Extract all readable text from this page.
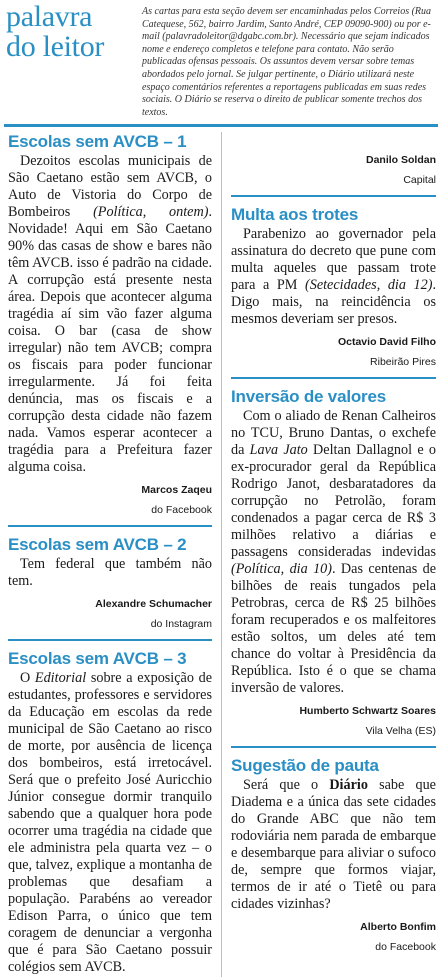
palavra
do leitor
As cartas para esta seção devem ser encaminhadas pelos Correios (Rua Catequese, 562, bairro Jardim, Santo André, CEP 09090-900) ou por e-mail (palavradoleitor@dgabc.com.br). Necessário que sejam indicados nome e endereço completos e telefone para contato. Não serão publicadas ofensas pessoais. Os assuntos devem versar sobre temas abordados pelo jornal. Se julgar pertinente, o Diário utilizará neste espaço comentários referentes a reportagens publicadas em suas redes sociais. O Diário se reserva o direito de publicar somente trechos dos textos.
Escolas sem AVCB – 1

Dezoitos escolas municipais de São Caetano estão sem AVCB, o Auto de Vistoria do Corpo de Bombeiros (Política, ontem). Novidade! Aqui em São Caetano 90% das casas de show e bares não têm AVCB. isso é padrão na cidade. A corrupção está presente nesta área. Depois que acontecer alguma tragédia aí sim vão fazer alguma coisa. O bar (casa de show irregular) não tem AVCB; compra os fiscais para poder funcionar irregularmente. Já foi feita denúncia, mas os fiscais e a corrupção desta cidade não fazem nada. Vamos esperar acontecer a tragédia para a Prefeitura fazer alguma coisa.

Marcos Zaqeu
do Facebook
Escolas sem AVCB – 2

Tem federal que também não tem.

Alexandre Schumacher
do Instagram
Escolas sem AVCB – 3

O Editorial sobre a exposição de estudantes, professores e servidores da Educação em escolas da rede municipal de São Caetano ao risco de morte, por ausência de licença dos bombeiros, está irretocável. Será que o prefeito José Auricchio Júnior consegue dormir tranquilo sabendo que a qualquer hora pode ocorrer uma tragédia na cidade que ele administra pela quarta vez – o que, talvez, explique a montanha de problemas que desafiam a população. Parabéns ao vereador Edison Parra, o único que tem coragem de denunciar a vergonha que é para São Caetano possuir colégios sem AVCB.

Danilo Soldan
Capital
Multa aos trotes

Parabenizo ao governador pela assinatura do decreto que pune com multa aqueles que passam trote para a PM (Setecidades, dia 12). Digo mais, na reincidência os mesmos deveriam ser presos.

Octavio David Filho
Ribeirão Pires
Inversão de valores

Com o aliado de Renan Calheiros no TCU, Bruno Dantas, o exchefe da Lava Jato Deltan Dallagnol e o ex-procurador geral da República Rodrigo Janot, desbaratadores da corrupção no Petrolão, foram condenados a pagar cerca de R$ 3 milhões relativo a diárias e passagens consideradas indevidas (Política, dia 10). Das centenas de bilhões de reais tungados pela Petrobras, cerca de R$ 25 bilhões foram recuperados e os malfeitores estão soltos, um deles até tem chance do voltar à Presidência da República. Isto é o que se chama inversão de valores.

Humberto Schwartz Soares
Vila Velha (ES)
Sugestão de pauta

Será que o Diário sabe que Diadema e a única das sete cidades do Grande ABC que não tem rodoviária nem parada de embarque e desembarque para aliviar o sufoco de, sempre que formos viajar, termos de ir até o Tietê ou para cidades vizinhas?

Alberto Bonfim
do Facebook
